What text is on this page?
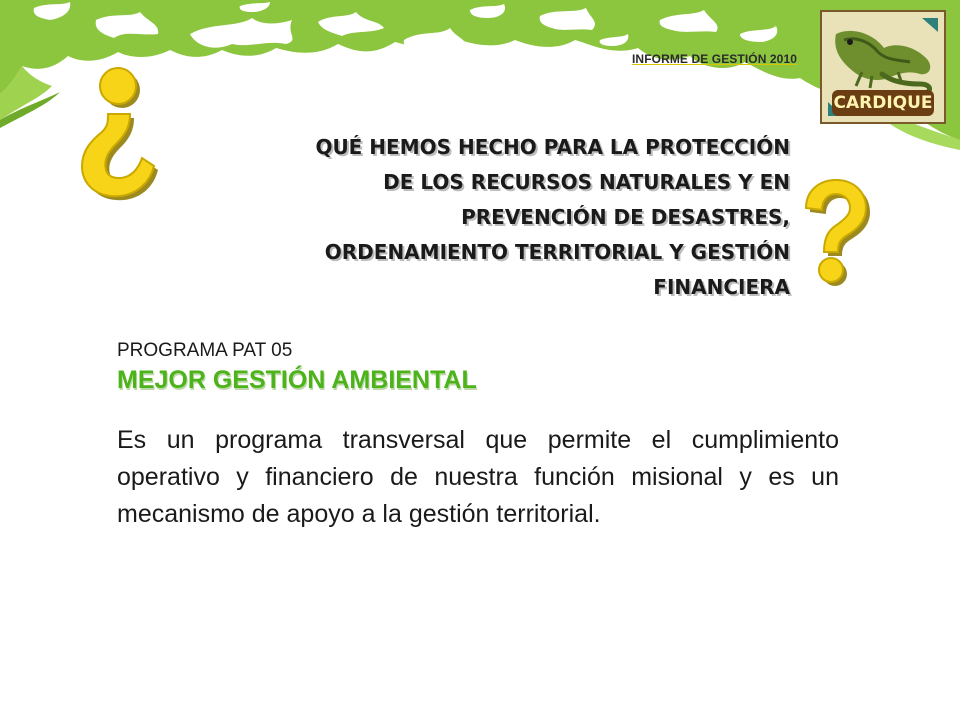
INFORME DE GESTIÓN 2010
CARDIQUE
QUÉ HEMOS HECHO PARA LA PROTECCIÓN
DE LOS RECURSOS NATURALES Y EN
PREVENCIÓN DE DESASTRES,
ORDENAMIENTO TERRITORIAL Y GESTIÓN
FINANCIERA
PROGRAMA PAT 05
MEJOR GESTIÓN AMBIENTAL

Es un programa transversal que permite el cumplimiento operativo y financiero de nuestra función misional y es un mecanismo de apoyo a la gestión territorial.
